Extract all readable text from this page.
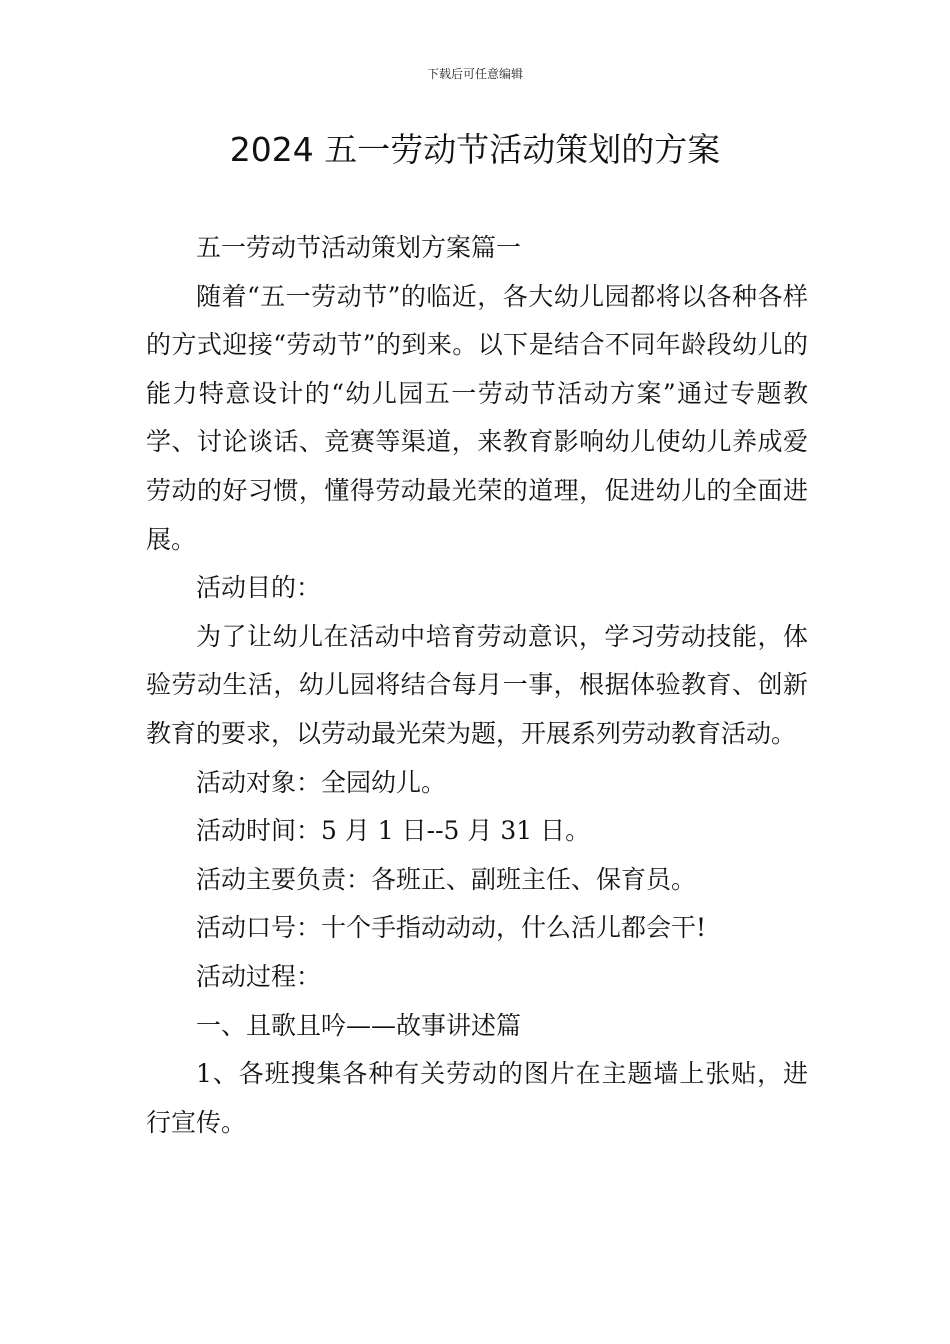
下载后可任意编辑
2024 五一劳动节活动策划的方案

五一劳动节活动策划方案篇一

随着“五一劳动节”的临近，各大幼儿园都将以各种各样的方式迎接“劳动节”的到来。以下是结合不同年龄段幼儿的能力特意设计的“幼儿园五一劳动节活动方案”通过专题教学、讨论谈话、竞赛等渠道，来教育影响幼儿使幼儿养成爱劳动的好习惯，懂得劳动最光荣的道理，促进幼儿的全面进展。

活动目的：

为了让幼儿在活动中培育劳动意识，学习劳动技能，体验劳动生活，幼儿园将结合每月一事，根据体验教育、创新教育的要求，以劳动最光荣为题，开展系列劳动教育活动。

活动对象：全园幼儿。

活动时间：5 月 1 日--5 月 31 日。

活动主要负责：各班正、副班主任、保育员。

活动口号：十个手指动动动，什么活儿都会干!

活动过程：

一、且歌且吟——故事讲述篇

1、各班搜集各种有关劳动的图片在主题墙上张贴，进行宣传。
